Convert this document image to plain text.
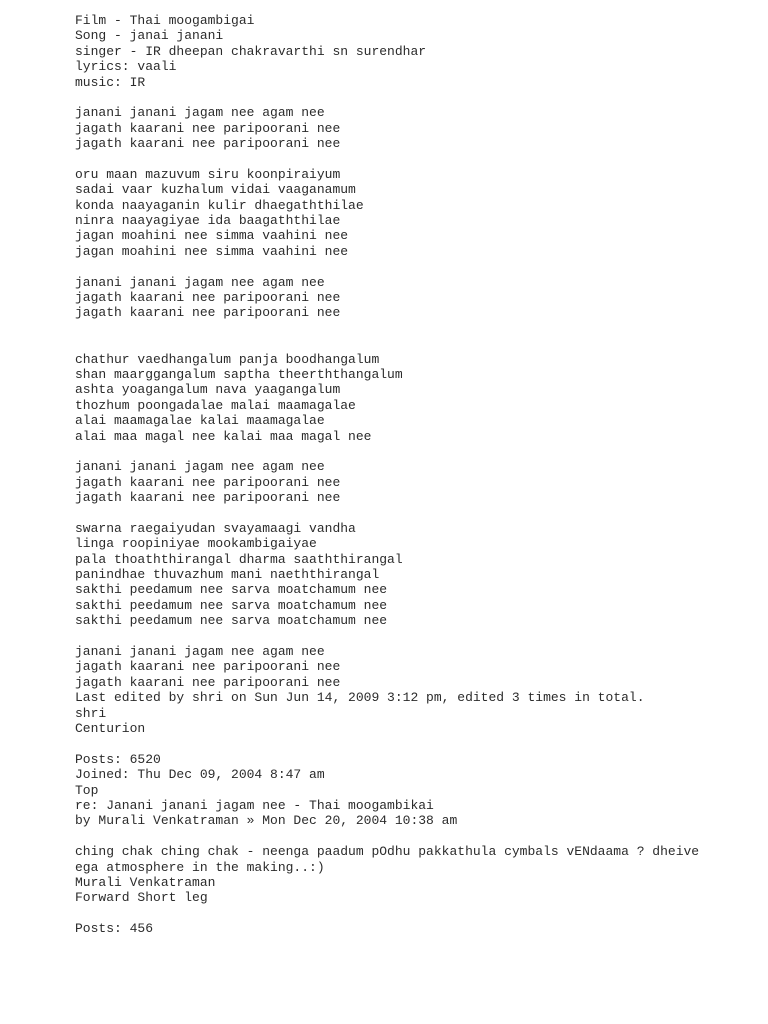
Film - Thai moogambigai
Song - janai janani
singer - IR dheepan chakravarthi sn surendhar
lyrics: vaali
music: IR
janani janani jagam nee agam nee
jagath kaarani nee paripoorani nee
jagath kaarani nee paripoorani nee
oru maan mazuvum siru koonpiraiyum
sadai vaar kuzhalum vidai vaaganamum
konda naayaganin kulir dhaegaththilae
ninra naayagiyae ida baagaththilae
jagan moahini nee simma vaahini nee
jagan moahini nee simma vaahini nee
janani janani jagam nee agam nee
jagath kaarani nee paripoorani nee
jagath kaarani nee paripoorani nee
chathur vaedhangalum panja boodhangalum
shan maarggangalum saptha theerththangalum
ashta yoagangalum nava yaagangalum
thozhum poongadalae malai maamagalae
alai maamagalae kalai maamagalae
alai maa magal nee kalai maa magal nee
janani janani jagam nee agam nee
jagath kaarani nee paripoorani nee
jagath kaarani nee paripoorani nee
swarna raegaiyudan svayamaagi vandha
linga roopiniyae mookambigaiyae
pala thoaththirangal dharma saaththirangal
panindhae thuvazhum mani naeththirangal
sakthi peedamum nee sarva moatchamum nee
sakthi peedamum nee sarva moatchamum nee
sakthi peedamum nee sarva moatchamum nee
janani janani jagam nee agam nee
jagath kaarani nee paripoorani nee
jagath kaarani nee paripoorani nee
Last edited by shri on Sun Jun 14, 2009 3:12 pm, edited 3 times in total.
shri
Centurion
Posts: 6520
Joined: Thu Dec 09, 2004 8:47 am
Top
re: Janani janani jagam nee - Thai moogambikai
by Murali Venkatraman » Mon Dec 20, 2004 10:38 am
ching chak ching chak - neenga paadum pOdhu pakkathula cymbals vENdaama ? dheive
ega atmosphere in the making..:)
Murali Venkatraman
Forward Short leg
Posts: 456
